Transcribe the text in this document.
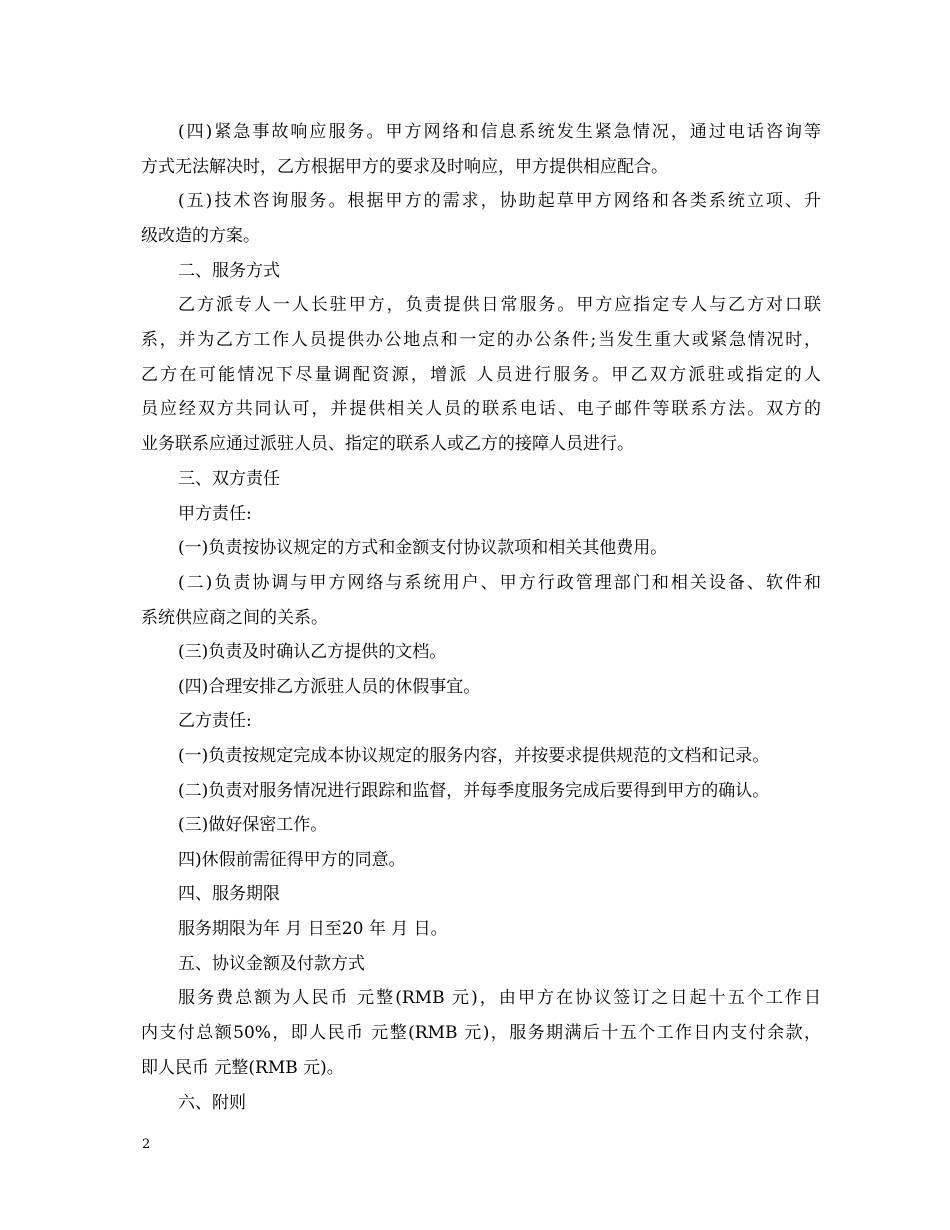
(四)紧急事故响应服务。甲方网络和信息系统发生紧急情况，通过电话咨询等
方式无法解决时，乙方根据甲方的要求及时响应，甲方提供相应配合。
(五)技术咨询服务。根据甲方的需求，协助起草甲方网络和各类系统立项、升
级改造的方案。
二、服务方式
乙方派专人一人长驻甲方，负责提供日常服务。甲方应指定专人与乙方对口联
系，并为乙方工作人员提供办公地点和一定的办公条件;当发生重大或紧急情况时，
乙方在可能情况下尽量调配资源，增派 人员进行服务。甲乙双方派驻或指定的人
员应经双方共同认可，并提供相关人员的联系电话、电子邮件等联系方法。双方的
业务联系应通过派驻人员、指定的联系人或乙方的接障人员进行。
三、双方责任
甲方责任:
(一)负责按协议规定的方式和金额支付协议款项和相关其他费用。
(二)负责协调与甲方网络与系统用户、甲方行政管理部门和相关设备、软件和
系统供应商之间的关系。
(三)负责及时确认乙方提供的文档。
(四)合理安排乙方派驻人员的休假事宜。
乙方责任:
(一)负责按规定完成本协议规定的服务内容，并按要求提供规范的文档和记录。
(二)负责对服务情况进行跟踪和监督，并每季度服务完成后要得到甲方的确认。
(三)做好保密工作。
四)休假前需征得甲方的同意。
四、服务期限
服务期限为年 月 日至20 年 月 日。
五、协议金额及付款方式
服务费总额为人民币 元整(RMB 元)，由甲方在协议签订之日起十五个工作日
内支付总额50%，即人民币 元整(RMB 元)，服务期满后十五个工作日内支付余款，
即人民币 元整(RMB 元)。
六、附则
2
